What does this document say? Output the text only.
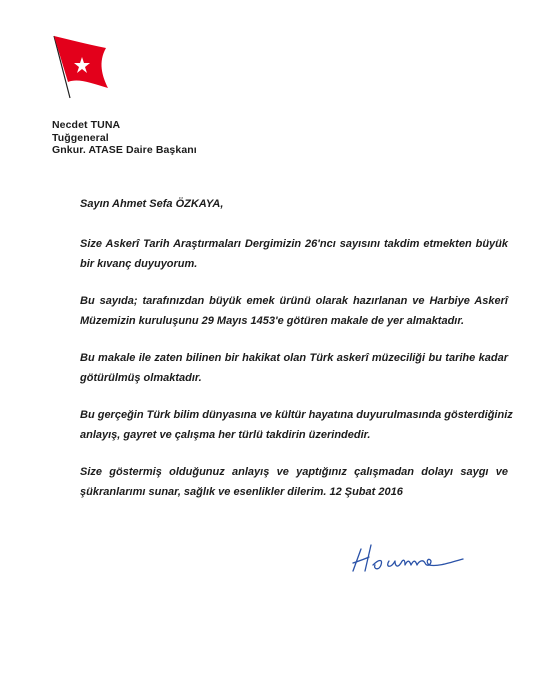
Necdet TUNA
Tuğgeneral
Gnkur. ATASE Daire Başkanı
Sayın Ahmet Sefa ÖZKAYA,
Size Askerî Tarih Araştırmaları Dergimizin 26'ncı sayısını takdim etmekten büyük
bir kıvanç duyuyorum.
Bu sayıda; tarafınızdan büyük emek ürünü olarak hazırlanan ve Harbiye Askerî
Müzemizin kuruluşunu 29 Mayıs 1453'e götüren makale de yer almaktadır.
Bu makale ile zaten bilinen bir hakikat olan Türk askerî müzeciliği bu tarihe kadar
götürülmüş olmaktadır.
Bu gerçeğin Türk bilim dünyasına ve kültür hayatına duyurulmasında gösterdiğiniz
anlayış, gayret ve çalışma her türlü takdirin üzerindedir.
Size göstermiş olduğunuz anlayış ve yaptığınız çalışmadan dolayı saygı ve
şükranlarımı sunar, sağlık ve esenlikler dilerim. 12 Şubat 2016
